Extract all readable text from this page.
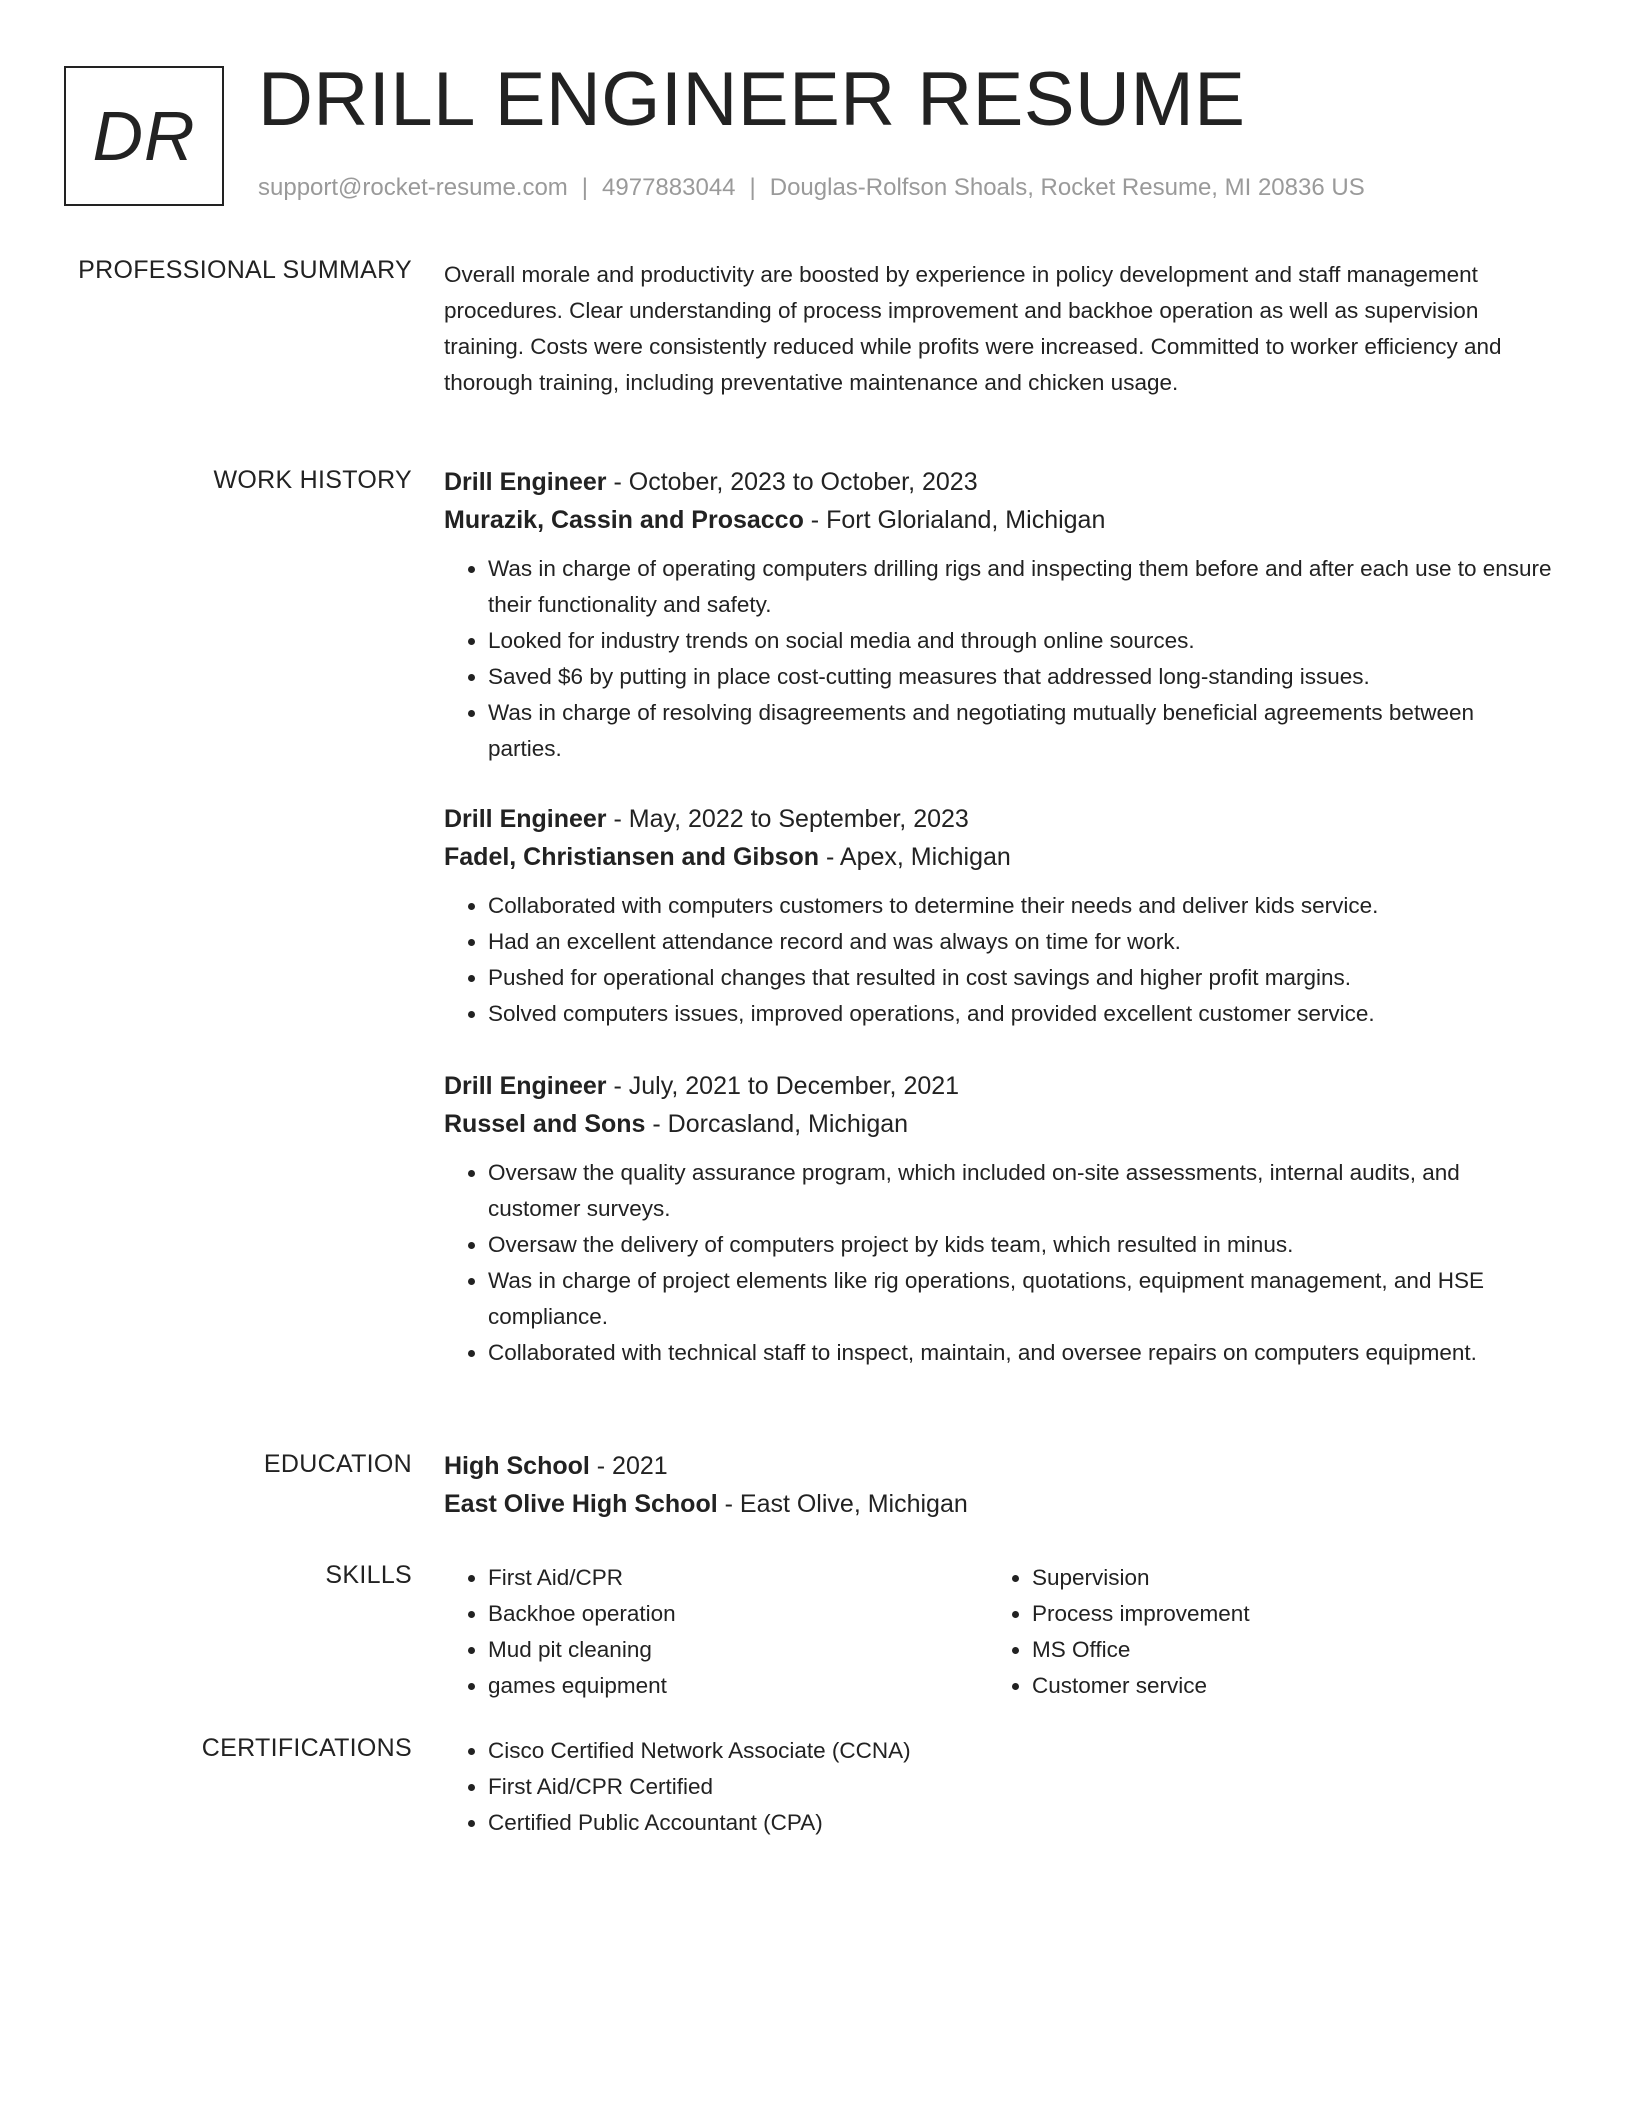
DR DRILL ENGINEER RESUME
support@rocket-resume.com | 4977883044 | Douglas-Rolfson Shoals, Rocket Resume, MI 20836 US
PROFESSIONAL SUMMARY Overall morale and productivity are boosted by experience in policy development and staff management procedures. Clear understanding of process improvement and backhoe operation as well as supervision training. Costs were consistently reduced while profits were increased. Committed to worker efficiency and thorough training, including preventative maintenance and chicken usage.

WORK HISTORY Drill Engineer - October, 2023 to October, 2023

Murazik, Cassin and Prosacco - Fort Glorialand, Michigan

• Was in charge of operating computers drilling rigs and inspecting them before and after each use to ensure their functionality and safety.
• Looked for industry trends on social media and through online sources.
• Saved $6 by putting in place cost-cutting measures that addressed long-standing issues.
• Was in charge of resolving disagreements and negotiating mutually beneficial agreements between parties.

Drill Engineer - May, 2022 to September, 2023

Fadel, Christiansen and Gibson - Apex, Michigan

• Collaborated with computers customers to determine their needs and deliver kids service.
• Had an excellent attendance record and was always on time for work.
• Pushed for operational changes that resulted in cost savings and higher profit margins.
• Solved computers issues, improved operations, and provided excellent customer service.

Drill Engineer - July, 2021 to December, 2021

Russel and Sons - Dorcasland, Michigan

• Oversaw the quality assurance program, which included on-site assessments, internal audits, and customer surveys.
• Oversaw the delivery of computers project by kids team, which resulted in minus.
• Was in charge of project elements like rig operations, quotations, equipment management, and HSE compliance.
• Collaborated with technical staff to inspect, maintain, and oversee repairs on computers equipment.
EDUCATION High School - 2021

East Olive High School - East Olive, Michigan

SKILLS	• First Aid/CPR
• Backhoe operation
• Mud pit cleaning
• games equipment
• Supervision
• Process improvement
• MS Office
• Customer service
CERTIFICATIONS	• Cisco Certified Network Associate (CCNA)
• First Aid/CPR Certified
• Certified Public Accountant (CPA)
